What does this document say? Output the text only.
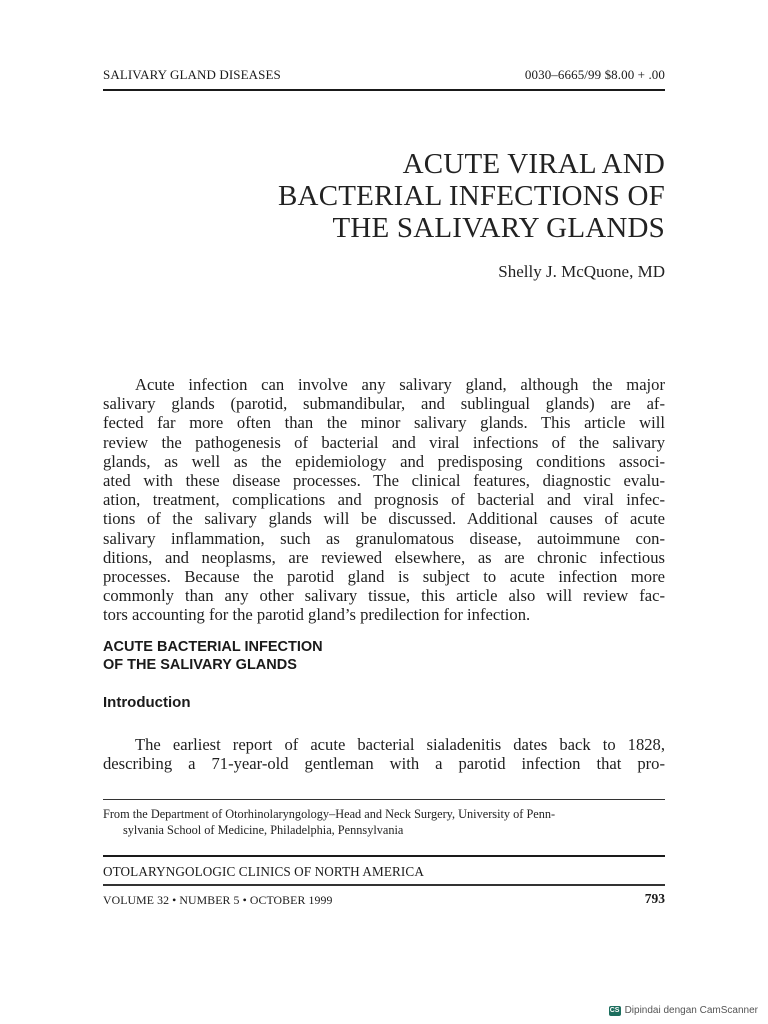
SALIVARY GLAND DISEASES	0030–6665/99 $8.00 + .00
ACUTE VIRAL AND
BACTERIAL INFECTIONS OF
THE SALIVARY GLANDS
Shelly J. McQuone, MD
Acute infection can involve any salivary gland, although the major
salivary glands (parotid, submandibular, and sublingual glands) are af-
fected far more often than the minor salivary glands. This article will
review the pathogenesis of bacterial and viral infections of the salivary
glands, as well as the epidemiology and predisposing conditions associ-
ated with these disease processes. The clinical features, diagnostic evalu-
ation, treatment, complications and prognosis of bacterial and viral infec-
tions of the salivary glands will be discussed. Additional causes of acute
salivary inflammation, such as granulomatous disease, autoimmune con-
ditions, and neoplasms, are reviewed elsewhere, as are chronic infectious
processes. Because the parotid gland is subject to acute infection more
commonly than any other salivary tissue, this article also will review fac-
tors accounting for the parotid gland’s predilection for infection.
ACUTE BACTERIAL INFECTION
OF THE SALIVARY GLANDS
Introduction
The earliest report of acute bacterial sialadenitis dates back to 1828,
describing a 71-year-old gentleman with a parotid infection that pro-
From the Department of Otorhinolaryngology–Head and Neck Surgery, University of Penn-
sylvania School of Medicine, Philadelphia, Pennsylvania
OTOLARYNGOLOGIC CLINICS OF NORTH AMERICA
VOLUME 32 • NUMBER 5 • OCTOBER 1999	793
CS Dipindai dengan CamScanner
